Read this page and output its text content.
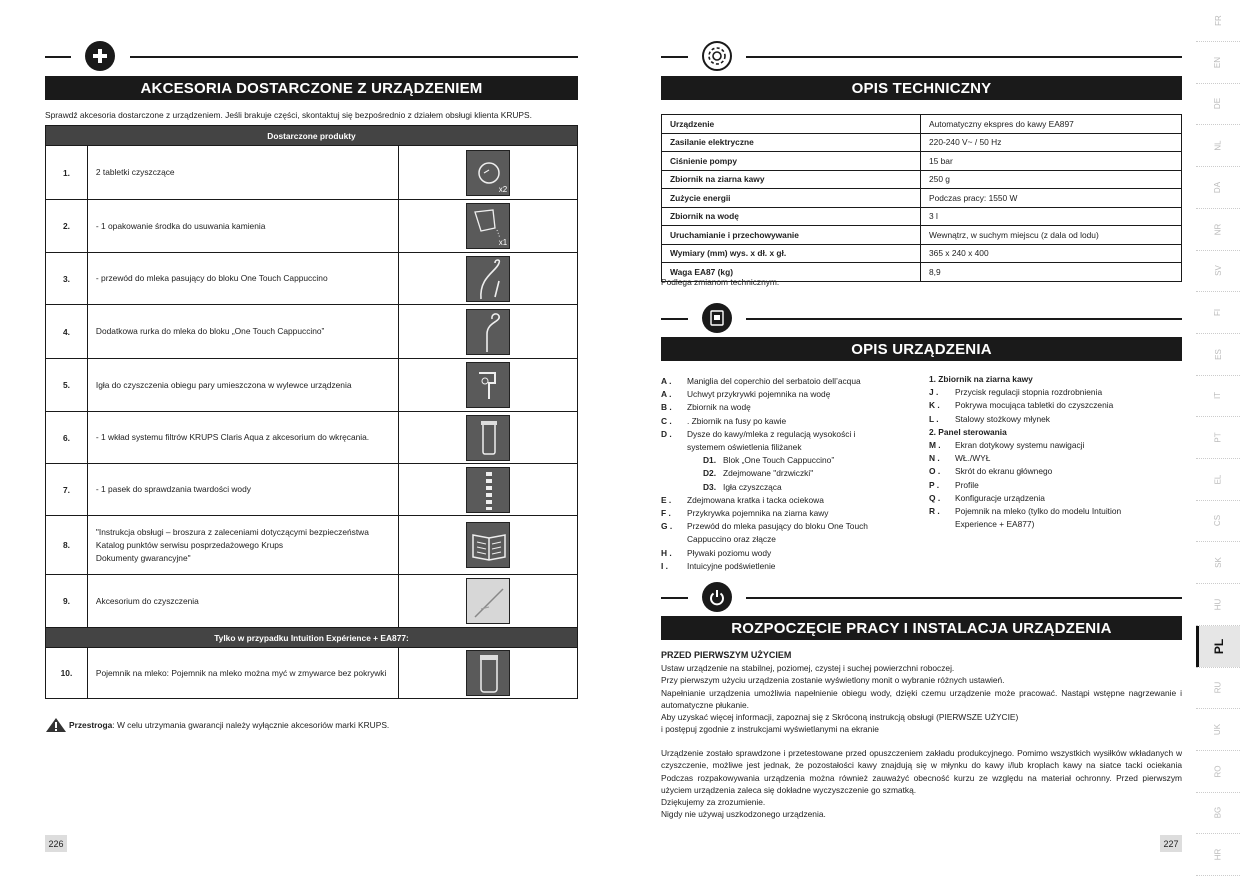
AKCESORIA DOSTARCZONE Z URZĄDZENIEM
Sprawdź akcesoria dostarczone z urządzeniem. Jeśli brakuje części, skontaktuj się bezpośrednio z działem obsługi klienta KRUPS.
Dostarczone produkty		
1.	2 tabletki czyszczące	x2

2.	- 1 opakowanie środka do usuwania kamienia	x1

3.	- przewód do mleka pasujący do bloku One Touch Cappuccino	

4.	Dodatkowa rurka do mleka do bloku „One Touch Cappuccino”	

5.	Igła do czyszczenia obiegu pary umieszczona w wylewce urządzenia	

6.	- 1 wkład systemu filtrów KRUPS Claris Aqua z akcesorium do wkręcania.	

7.	- 1 pasek do sprawdzania twardości wody	

8.	"Instrukcja obsługi – broszura z zaleceniami dotyczącymi bezpieczeństwa
Katalog punktów serwisu posprzedażowego Krups
Dokumenty gwarancyjne"	

9.	Akcesorium do czyszczenia	

Tylko w przypadku Intuition Expérience + EA877:		
10.	Pojemnik na mleko: Pojemnik na mleko można myć w zmywarce bez pokrywki	
Przestroga : W celu utrzymania gwarancji należy wyłącznie akcesoriów marki KRUPS.
226
OPIS TECHNICZNY
Urządzenie	Automatyczny ekspres do kawy EA897
Zasilanie elektryczne	220-240 V~ / 50 Hz
Ciśnienie pompy	15 bar
Zbiornik na ziarna kawy	250 g
Zużycie energii	Podczas pracy: 1550 W
Zbiornik na wodę	3 l
Uruchamianie i przechowywanie	Wewnątrz, w suchym miejscu (z dala od lodu)
Wymiary (mm) wys. x dł. x gł.	365 x 240 x 400
Waga EA87 (kg)	8,9
Podlega zmianom technicznym.
OPIS URZĄDZENIA
A . Maniglia del coperchio del serbatoio dell’acqua
A . Uchwyt przykrywki pojemnika na wodę
B . Zbiornik na wodę
C . . Zbiornik na fusy po kawie
D . Dysze do kawy/mleka z regulacją wysokości i
systemem oświetlenia filiżanek
D1. Blok „One Touch Cappuccino”
D2. Zdejmowane "drzwiczki"
D3. Igła czyszcząca
E . Zdejmowana kratka i tacka ociekowa
F . Przykrywka pojemnika na ziarna kawy
G . Przewód do mleka pasujący do bloku One Touch
Cappuccino oraz złącze
H . Pływaki poziomu wody
I . Intuicyjne podświetlenie
1. Zbiornik na ziarna kawy
J . Przycisk regulacji stopnia rozdrobnienia
K . Pokrywa mocująca tabletki do czyszczenia
L . Stalowy stożkowy młynek
2. Panel sterowania
M . Ekran dotykowy systemu nawigacji
N . WŁ./WYŁ
O . Skrót do ekranu głównego
P . Profile
Q . Konfiguracje urządzenia
R . Pojemnik na mleko (tylko do modelu Intuition
Experience + EA877)
ROZPOCZĘCIE PRACY I INSTALACJA URZĄDZENIA
PRZED PIERWSZYM UŻYCIEM
Ustaw urządzenie na stabilnej, poziomej, czystej i suchej powierzchni roboczej.
Przy pierwszym użyciu urządzenia zostanie wyświetlony monit o wybranie różnych ustawień.
Napełnianie urządzenia umożliwia napełnienie obiegu wody, dzięki czemu urządzenie może pracować. Nastąpi wstępne nagrzewanie i automatyczne płukanie.
Aby uzyskać więcej informacji, zapoznaj się z Skróconą instrukcją obsługi (PIERWSZE UŻYCIE)
i postępuj zgodnie z instrukcjami wyświetlanymi na ekranie
Urządzenie zostało sprawdzone i przetestowane przed opuszczeniem zakładu produkcyjnego. Pomimo wszystkich wysiłków wkładanych w czyszczenie, możliwe jest jednak, że pozostałości kawy znajdują się w młynku do kawy i/lub kroplach kawy na siatce tacki ociekania Podczas rozpakowywania urządzenia można również zauważyć obecność kurzu ze względu na materiał ochronny. Przed pierwszym użyciem urządzenia zaleca się dokładne wyczyszczenie go szmatką.
Dziękujemy za zrozumienie.
Nigdy nie używaj uszkodzonego urządzenia.
227
FR
EN
DE
NL
DA
NR
SV
FI
ES
IT
PT
EL
CS
SK
HU
PL
RU
UK
RO
BG
HR
